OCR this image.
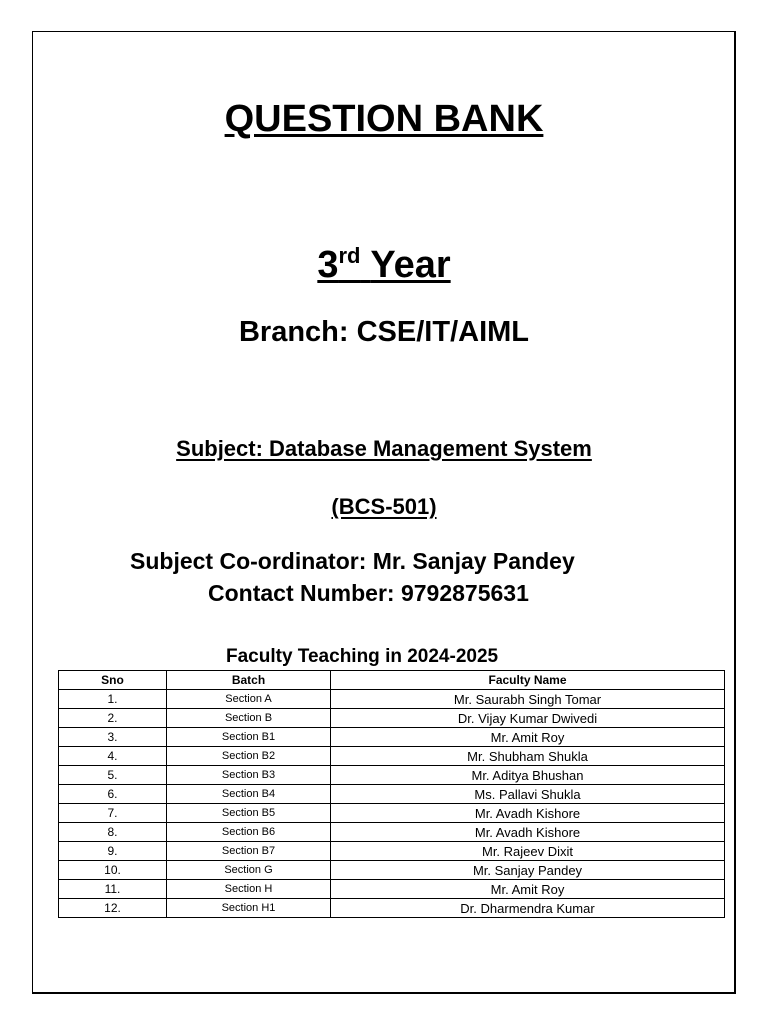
QUESTION BANK
3rd Year
Branch: CSE/IT/AIML
Subject: Database Management System
(BCS-501)
Subject Co-ordinator: Mr. Sanjay Pandey
Contact Number: 9792875631
Faculty Teaching in 2024-2025
Sno	Batch	Faculty Name
1.	Section A	Mr. Saurabh Singh Tomar
2.	Section B	Dr. Vijay Kumar Dwivedi
3.	Section B1	Mr. Amit Roy
4.	Section B2	Mr. Shubham Shukla
5.	Section B3	Mr. Aditya Bhushan
6.	Section B4	Ms. Pallavi Shukla
7.	Section B5	Mr. Avadh Kishore
8.	Section B6	Mr. Avadh Kishore
9.	Section B7	Mr. Rajeev Dixit
10.	Section G	Mr. Sanjay Pandey
11.	Section H	Mr. Amit Roy
12.	Section H1	Dr. Dharmendra Kumar
